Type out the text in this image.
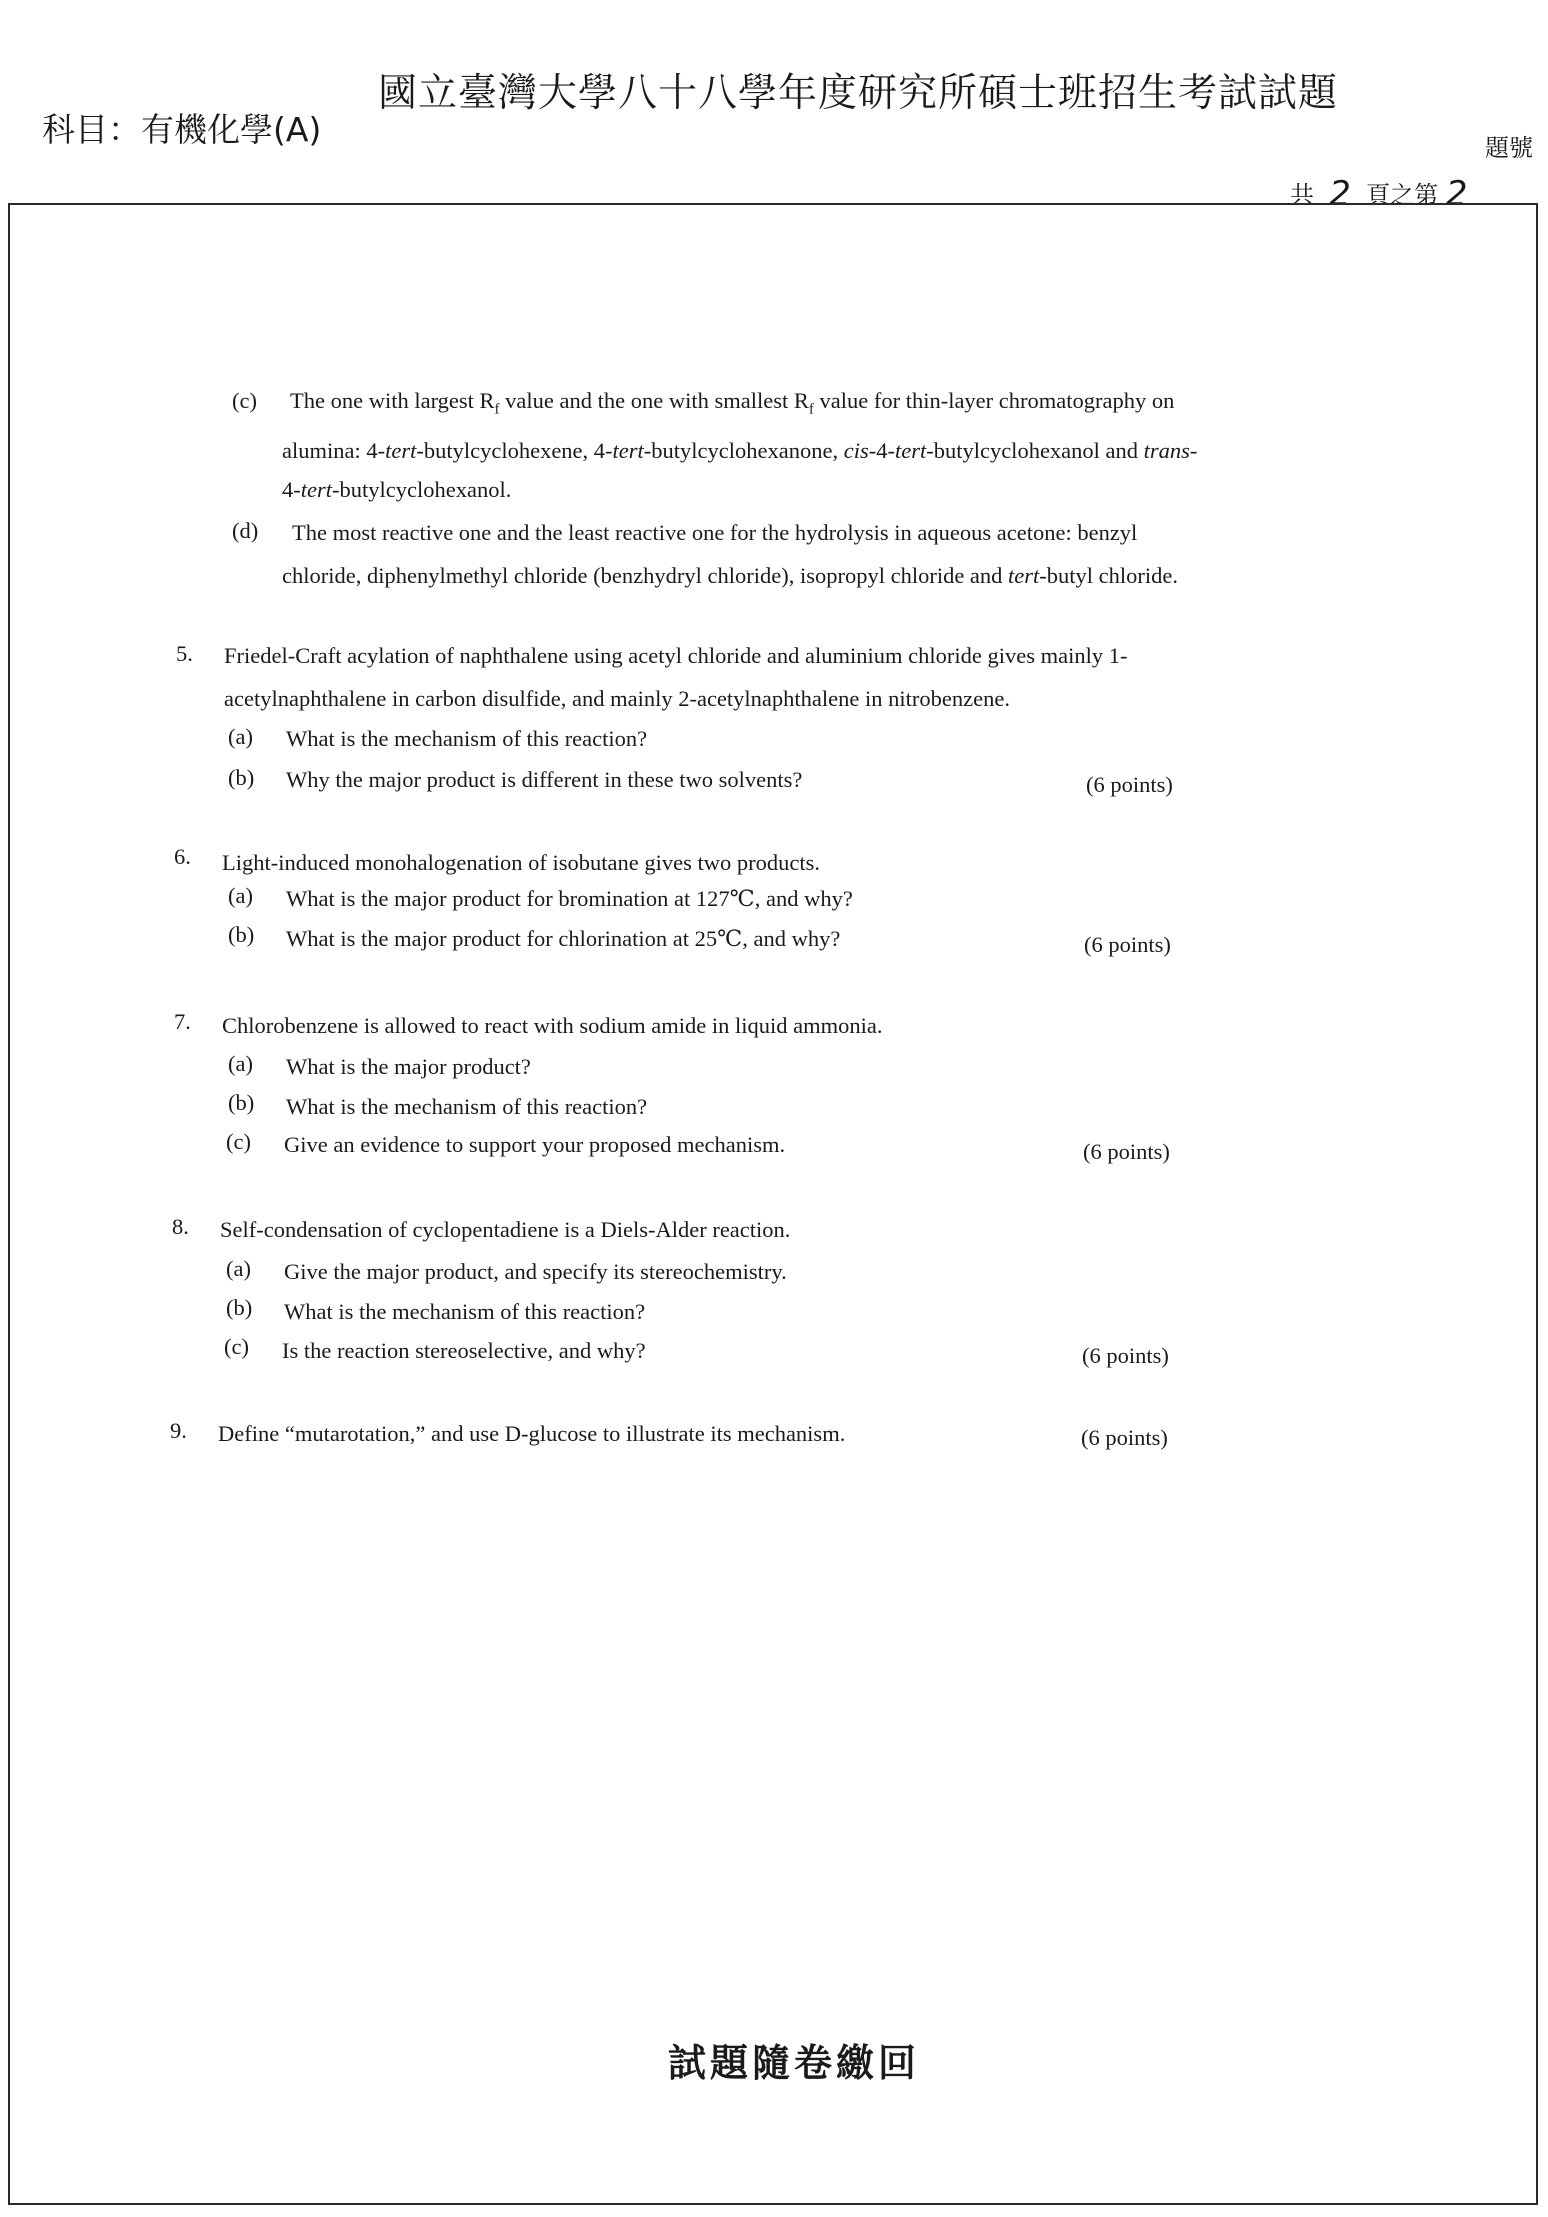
國立臺灣大學八十八學年度研究所碩士班招生考試試題
科目：有機化學(A)	題號
共 2 頁之第 2
(c) The one with largest $R_f$ value and the one with smallest $R_f$ value for thin-layer chromatography on
alumina: 4-tert-butylcyclohexene, 4-tert-butylcyclohexanone, cis-4-tert-butylcyclohexanol and trans-
4-tert-butylcyclohexanol.
(d) The most reactive one and the least reactive one for the hydrolysis in aqueous acetone: benzyl
chloride, diphenylmethyl chloride (benzhydryl chloride), isopropyl chloride and tert-butyl chloride.
5. Friedel-Craft acylation of naphthalene using acetyl chloride and aluminium chloride gives mainly 1-
acetylnaphthalene in carbon disulfide, and mainly 2-acetylnaphthalene in nitrobenzene.
(a) What is the mechanism of this reaction?
(b) Why the major product is different in these two solvents?	(6 points)
6. Light-induced monohalogenation of isobutane gives two products.
(a) What is the major product for bromination at 127℃, and why?
(b) What is the major product for chlorination at 25℃, and why?	(6 points)
7. Chlorobenzene is allowed to react with sodium amide in liquid ammonia.
(a) What is the major product?
(b) What is the mechanism of this reaction?
(c) Give an evidence to support your proposed mechanism.	(6 points)
8. Self-condensation of cyclopentadiene is a Diels-Alder reaction.
(a) Give the major product, and specify its stereochemistry.
(b) What is the mechanism of this reaction?
(c) Is the reaction stereoselective, and why?	(6 points)
9. Define “mutarotation,” and use D-glucose to illustrate its mechanism.	(6 points)
試題隨卷繳回
